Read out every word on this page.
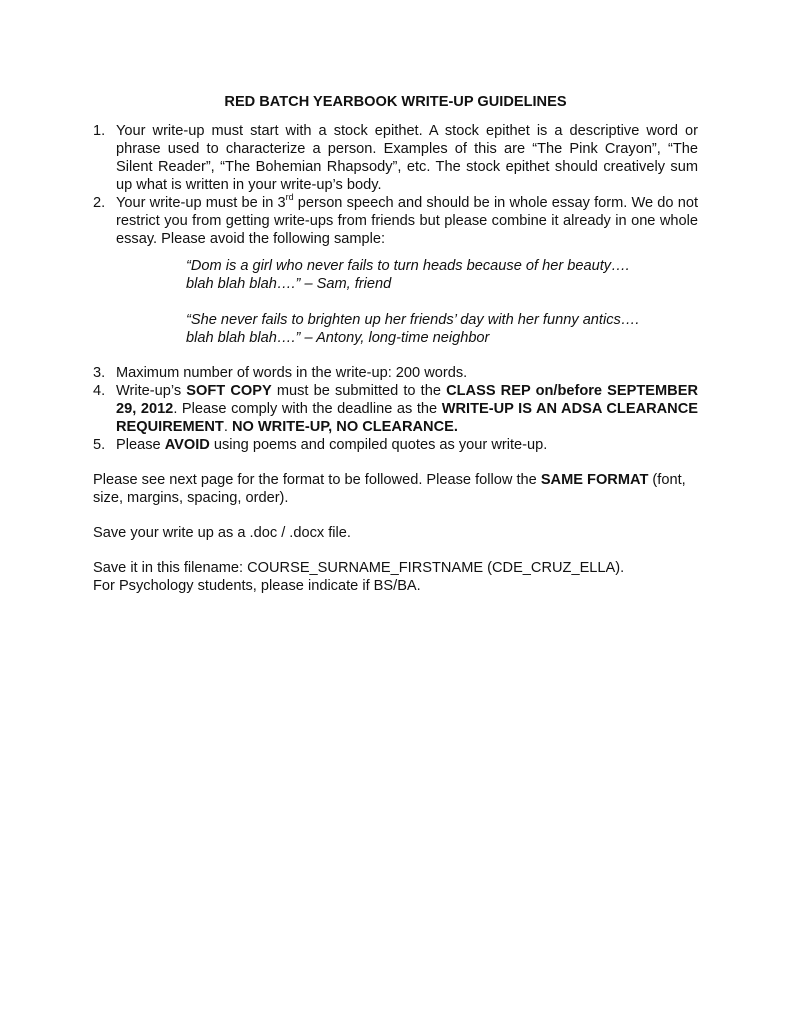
RED BATCH YEARBOOK WRITE-UP GUIDELINES
1. Your write-up must start with a stock epithet. A stock epithet is a descriptive word or phrase used to characterize a person. Examples of this are “The Pink Crayon”, “The Silent Reader”, “The Bohemian Rhapsody”, etc. The stock epithet should creatively sum up what is written in your write-up’s body.
2. Your write-up must be in 3rd person speech and should be in whole essay form. We do not restrict you from getting write-ups from friends but please combine it already in one whole essay. Please avoid the following sample:
“Dom is a girl who never fails to turn heads because of her beauty….
blah blah blah….” – Sam, friend
“She never fails to brighten up her friends’ day with her funny antics….
blah blah blah….” – Antony, long-time neighbor
3. Maximum number of words in the write-up: 200 words.
4. Write-up’s SOFT COPY must be submitted to the CLASS REP on/before SEPTEMBER 29, 2012. Please comply with the deadline as the WRITE-UP IS AN ADSA CLEARANCE REQUIREMENT. NO WRITE-UP, NO CLEARANCE.
5. Please AVOID using poems and compiled quotes as your write-up.

Please see next page for the format to be followed. Please follow the SAME FORMAT (font, size, margins, spacing, order).

Save your write up as a .doc / .docx file.

Save it in this filename: COURSE_SURNAME_FIRSTNAME (CDE_CRUZ_ELLA).

For Psychology students, please indicate if BS/BA.
